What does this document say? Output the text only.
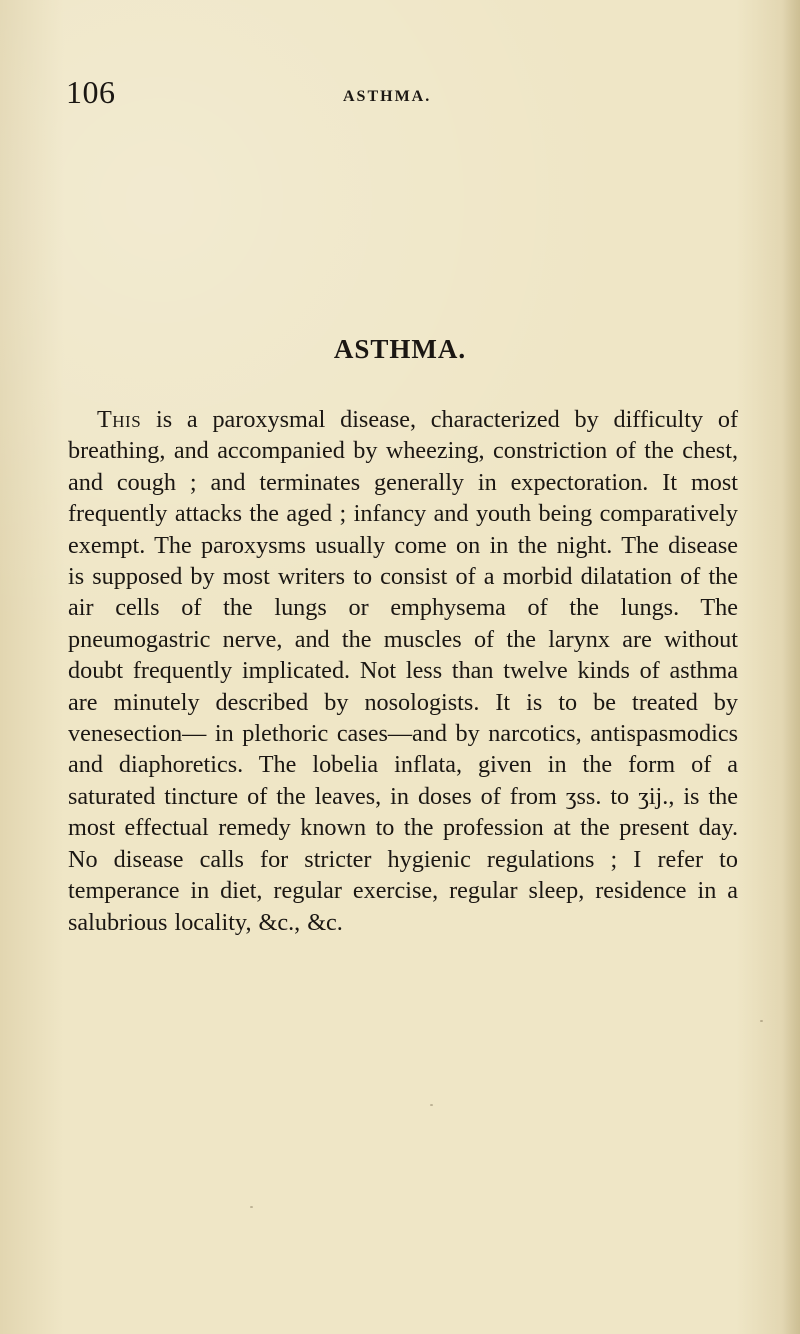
106	ASTHMA.
ASTHMA.

This is a paroxysmal disease, characterized by difficulty of breathing, and accompanied by wheezing, constriction of the chest, and cough ; and terminates generally in expectoration. It most frequently attacks the aged ; infancy and youth being comparatively exempt. The paroxysms usually come on in the night. The disease is supposed by most writers to consist of a morbid dilatation of the air cells of the lungs or emphysema of the lungs. The pneumogastric nerve, and the muscles of the larynx are without doubt frequently implicated. Not less than twelve kinds of asthma are minutely described by nosologists. It is to be treated by venesection— in plethoric cases—and by narcotics, antispasmodics and diaphoretics. The lobelia inflata, given in the form of a saturated tincture of the leaves, in doses of from ʒss. to ʒij., is the most effectual remedy known to the profession at the present day. No disease calls for stricter hygienic regulations ; I refer to temperance in diet, regular exercise, regular sleep, residence in a salubrious locality, &c., &c.
